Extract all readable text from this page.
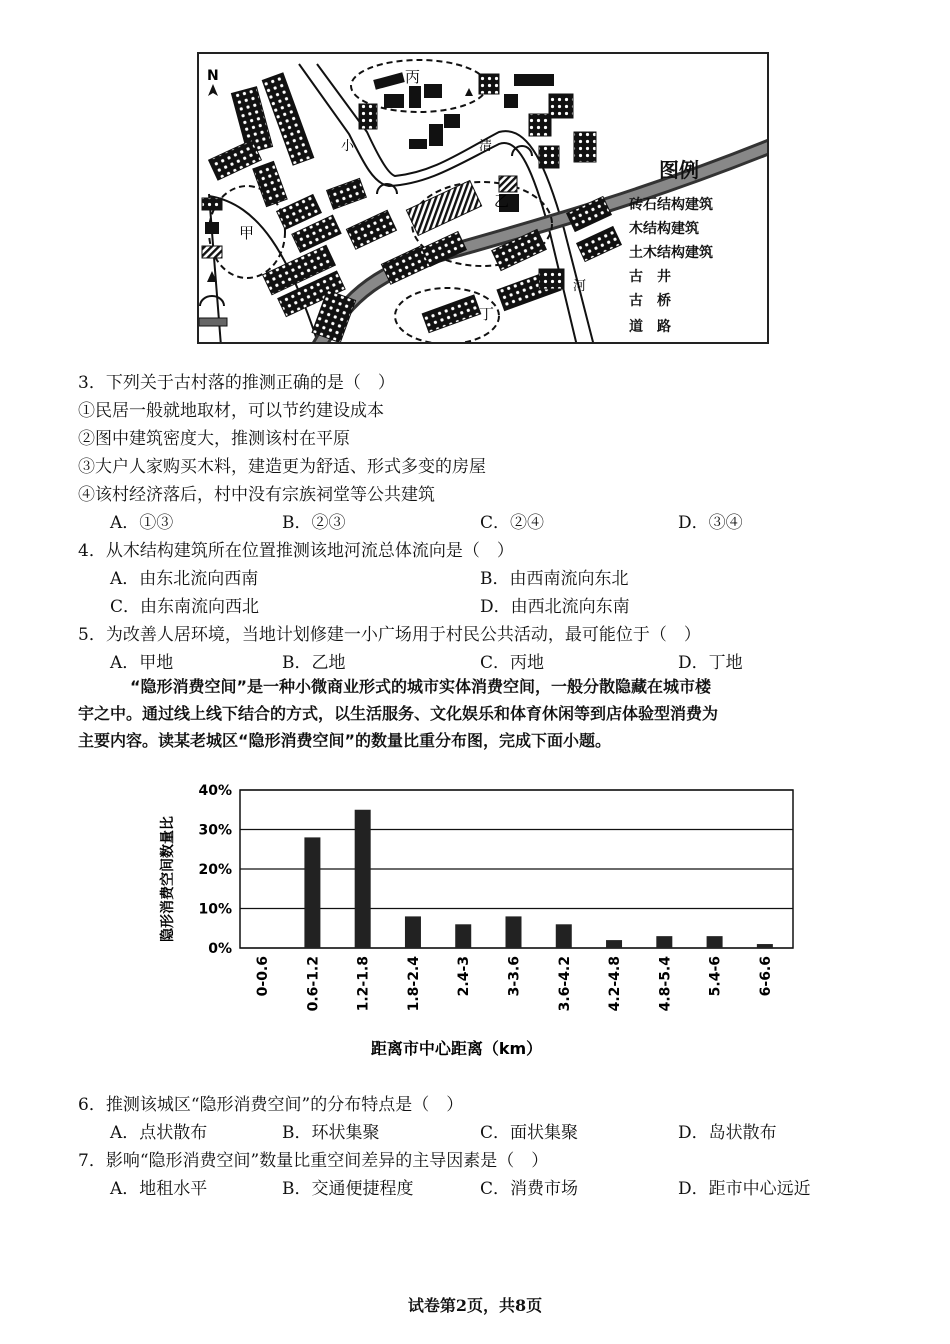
N
甲
乙
丙
丁
小	清
河
图例
砖石结构建筑
木结构建筑
土木结构建筑
古　井
古　桥
道　路
3．下列关于古村落的推测正确的是（　）
①民居一般就地取材，可以节约建设成本
②图中建筑密度大，推测该村在平原
③大户人家购买木料，建造更为舒适、形式多变的房屋
④该村经济落后，村中没有宗族祠堂等公共建筑
A．①③	B．②③	C．②④	D．③④
4．从木结构建筑所在位置推测该地河流总体流向是（　）
A．由东北流向西南	B．由西南流向东北
C．由东南流向西北	D．由西北流向东南
5．为改善人居环境，当地计划修建一小广场用于村民公共活动，最可能位于（　）
A．甲地	B．乙地	C．丙地	D．丁地
“隐形消费空间”是一种小微商业形式的城市实体消费空间，一般分散隐藏在城市楼
宇之中。通过线上线下结合的方式，以生活服务、文化娱乐和体育休闲等到店体验型消费为
主要内容。读某老城区“隐形消费空间”的数量比重分布图，完成下面小题。
0%
10%
20%
30%
40%
0-0.6 0.6-1.2 1.2-1.8 1.8-2.4 2.4-3 3-3.6 3.6-4.2 4.2-4.8 4.8-5.4 5.4-6 6-6.6
隐形消费空间数量比
距离市中心距离（km）
6．推测该城区“隐形消费空间”的分布特点是（　）
A．点状散布	B．环状集聚	C．面状集聚	D．岛状散布
7．影响“隐形消费空间”数量比重空间差异的主导因素是（　）
A．地租水平	B．交通便捷程度	C．消费市场	D．距市中心远近
试卷第2页，共8页
